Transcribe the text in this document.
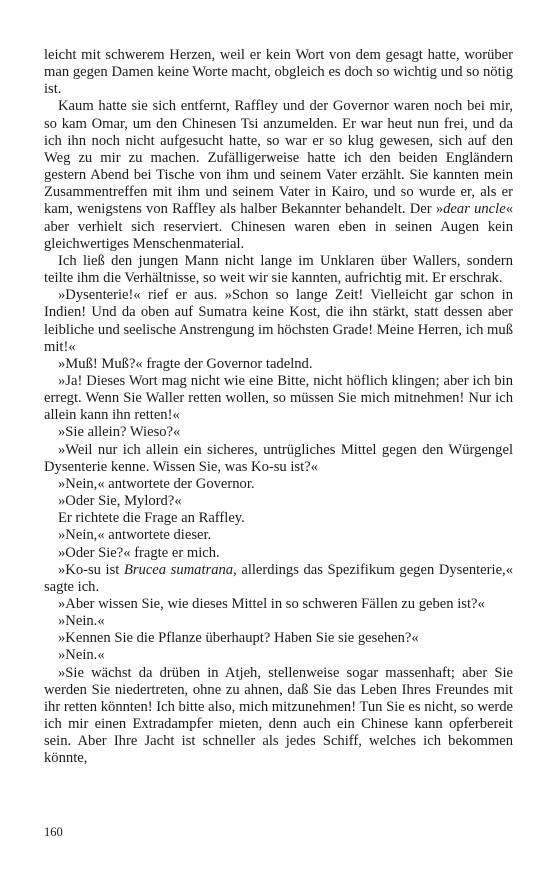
leicht mit schwerem Herzen, weil er kein Wort von dem gesagt hatte, worüber man gegen Damen keine Worte macht, obgleich es doch so wichtig und so nötig ist.

Kaum hatte sie sich entfernt, Raffley und der Governor waren noch bei mir, so kam Omar, um den Chinesen Tsi anzumelden. Er war heut nun frei, und da ich ihn noch nicht aufgesucht hatte, so war er so klug gewesen, sich auf den Weg zu mir zu machen. Zufälligerweise hatte ich den beiden Engländern gestern Abend bei Tische von ihm und seinem Vater erzählt. Sie kannten mein Zusammentreffen mit ihm und seinem Vater in Kairo, und so wurde er, als er kam, wenigstens von Raffley als halber Bekannter behandelt. Der »dear uncle« aber verhielt sich reserviert. Chinesen waren eben in seinen Augen kein gleichwertiges Menschenmaterial.

Ich ließ den jungen Mann nicht lange im Unklaren über Wallers, sondern teilte ihm die Verhältnisse, so weit wir sie kannten, aufrichtig mit. Er erschrak.

»Dysenterie!« rief er aus. »Schon so lange Zeit! Vielleicht gar schon in Indien! Und da oben auf Sumatra keine Kost, die ihn stärkt, statt dessen aber leibliche und seelische Anstrengung im höchsten Grade! Meine Herren, ich muß mit!«

»Muß! Muß?« fragte der Governor tadelnd.

»Ja! Dieses Wort mag nicht wie eine Bitte, nicht höflich klingen; aber ich bin erregt. Wenn Sie Waller retten wollen, so müssen Sie mich mitnehmen! Nur ich allein kann ihn retten!«

»Sie allein? Wieso?«

»Weil nur ich allein ein sicheres, untrügliches Mittel gegen den Würgengel Dysenterie kenne. Wissen Sie, was Ko-su ist?«

»Nein,« antwortete der Governor.

»Oder Sie, Mylord?«

Er richtete die Frage an Raffley.

»Nein,« antwortete dieser.

»Oder Sie?« fragte er mich.

»Ko-su ist Brucea sumatrana, allerdings das Spezifikum gegen Dysenterie,« sagte ich.

»Aber wissen Sie, wie dieses Mittel in so schweren Fällen zu geben ist?«

»Nein.«

»Kennen Sie die Pflanze überhaupt? Haben Sie sie gesehen?«

»Nein.«

»Sie wächst da drüben in Atjeh, stellenweise sogar massenhaft; aber Sie werden Sie niedertreten, ohne zu ahnen, daß Sie das Leben Ihres Freundes mit ihr retten könnten! Ich bitte also, mich mitzunehmen! Tun Sie es nicht, so werde ich mir einen Extradampfer mieten, denn auch ein Chinese kann opferbereit sein. Aber Ihre Jacht ist schneller als jedes Schiff, welches ich bekommen könnte,

160
